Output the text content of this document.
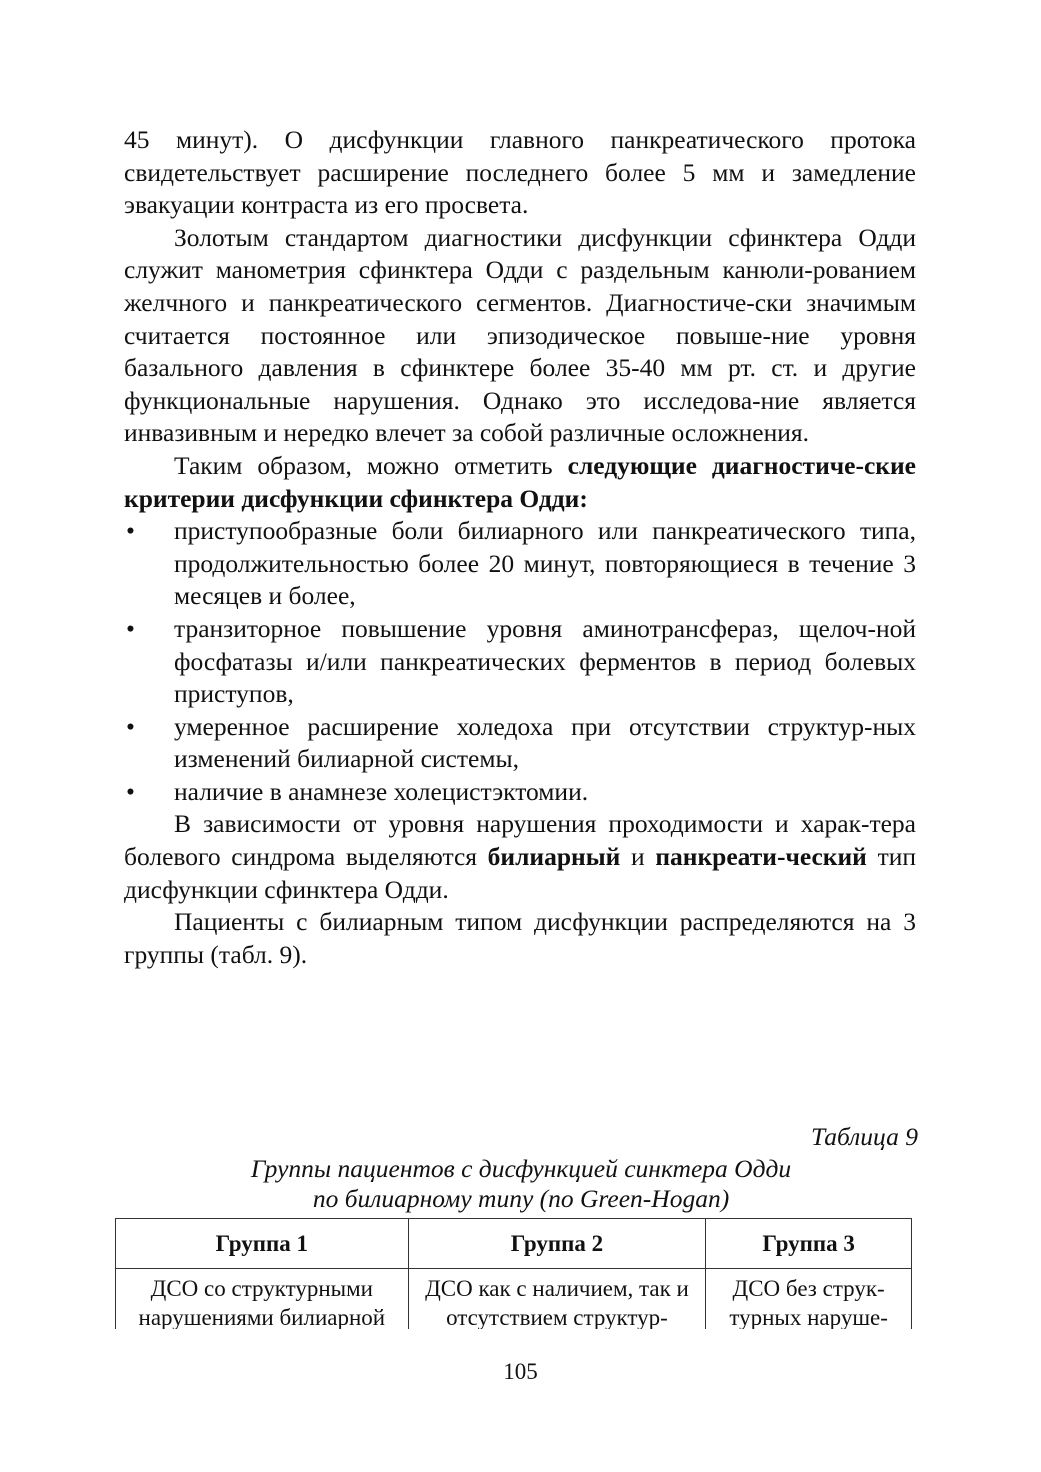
45 минут). О дисфункции главного панкреатического протока свидетельствует расширение последнего более 5 мм и замедление эвакуации контраста из его просвета.

Золотым стандартом диагностики дисфункции сфинктера Одди служит манометрия сфинктера Одди с раздельным канюли-рованием желчного и панкреатического сегментов. Диагностиче-ски значимым считается постоянное или эпизодическое повыше-ние уровня базального давления в сфинктере более 35-40 мм рт. ст. и другие функциональные нарушения. Однако это исследова-ние является инвазивным и нередко влечет за собой различные осложнения.

Таким образом, можно отметить следующие диагностиче-ские критерии дисфункции сфинктера Одди:

• приступообразные боли билиарного или панкреатического типа, продолжительностью более 20 минут, повторяющиеся в течение 3 месяцев и более,
• транзиторное повышение уровня аминотрансфераз, щелоч-ной фосфатазы и/или панкреатических ферментов в период болевых приступов,
• умеренное расширение холедоха при отсутствии структур-ных изменений билиарной системы,
• наличие в анамнезе холецистэктомии.

В зависимости от уровня нарушения проходимости и харак-тера болевого синдрома выделяются билиарный и панкреати-ческий тип дисфункции сфинктера Одди.

Пациенты с билиарным типом дисфункции распределяются на 3 группы (табл. 9).

Таблица 9
Группы пациентов с дисфункцией синктера Одди
по билиарному типу (по Green-Hogan)
Группа 1	Группа 2	Группа 3
ДСО со структурными нарушениями билиарной	ДСО как с наличием, так и отсутствием структур-	ДСО без струк-турных наруше-
105
